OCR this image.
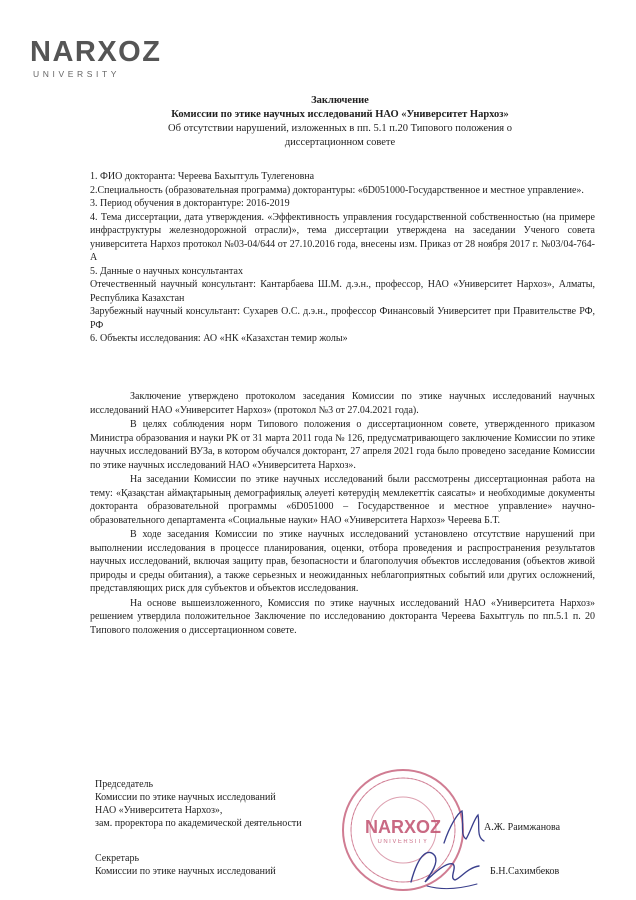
NARXOZ
UNIVERSITY
Заключение
Комиссии по этике научных исследований НАО «Университет Нархоз»
Об отсутствии нарушений, изложенных в пп. 5.1 п.20 Типового положения о
диссертационном совете

1. ФИО докторанта: Череева Бахытгуль Тулегеновна

2.Специальность (образовательная программа) докторантуры: «6D051000-Государственное и местное управление».

3. Период обучения в докторантуре: 2016-2019

4. Тема диссертации, дата утверждения. «Эффективность управления государственной собственностью (на примере инфраструктуры железнодорожной отрасли)», тема диссертации утверждена на заседании Ученого совета университета Нархоз протокол №03-04/644 от 27.10.2016 года, внесены изм. Приказ от 28 ноября 2017 г. №03/04-764-А

5. Данные о научных консультантах

Отечественный научный консультант: Кантарбаева Ш.М. д.э.н., профессор, НАО «Университет Нархоз», Алматы, Республика Казахстан

Зарубежный научный консультант: Сухарев О.С. д.э.н., профессор Финансовый Университет при Правительстве РФ, РФ

6. Объекты исследования: АО «НК «Казахстан темир жолы»

Заключение утверждено протоколом заседания Комиссии по этике научных исследований научных исследований НАО «Университет Нархоз» (протокол №3 от 27.04.2021 года).

В целях соблюдения норм Типового положения о диссертационном совете, утвержденного приказом Министра образования и науки РК от 31 марта 2011 года № 126, предусматривающего заключение Комиссии по этике научных исследований ВУЗа, в котором обучался докторант, 27 апреля 2021 года было проведено заседание Комиссии по этике научных исследований НАО «Университета Нархоз».

На заседании Комиссии по этике научных исследований были рассмотрены диссертационная работа на тему: «Қазақстан аймақтарының демографиялық әлеуеті көтерудің мемлекеттік саясаты» и необходимые документы докторанта образовательной программы «6D051000 – Государственное и местное управление» научно-образовательного департамента «Социальные науки» НАО «Университета Нархоз» Череева Б.Т.

В ходе заседания Комиссии по этике научных исследований установлено отсутствие нарушений при выполнении исследования в процессе планирования, оценки, отбора проведения и распространения результатов научных исследований, включая защиту прав, безопасности и благополучия объектов исследования (объектов живой природы и среды обитания), а также серьезных и неожиданных неблагоприятных событий или других осложнений, представляющих риск для субъектов и объектов исследования.

На основе вышеизложенного, Комиссия по этике научных исследований НАО «Университета Нархоз» решением утвердила положительное Заключение по исследованию докторанта Череева Бахытгуль по пп.5.1 п. 20 Типового положения о диссертационном совете.

Председатель
Комиссии по этике научных исследований
НАО «Университета Нархоз»,
зам. проректора по академической деятельности	А.Ж. Раимжанова
Секретарь
Комиссии по этике научных исследований	Б.Н.Сахимбеков
NARXOZ
UNIVERSITY
